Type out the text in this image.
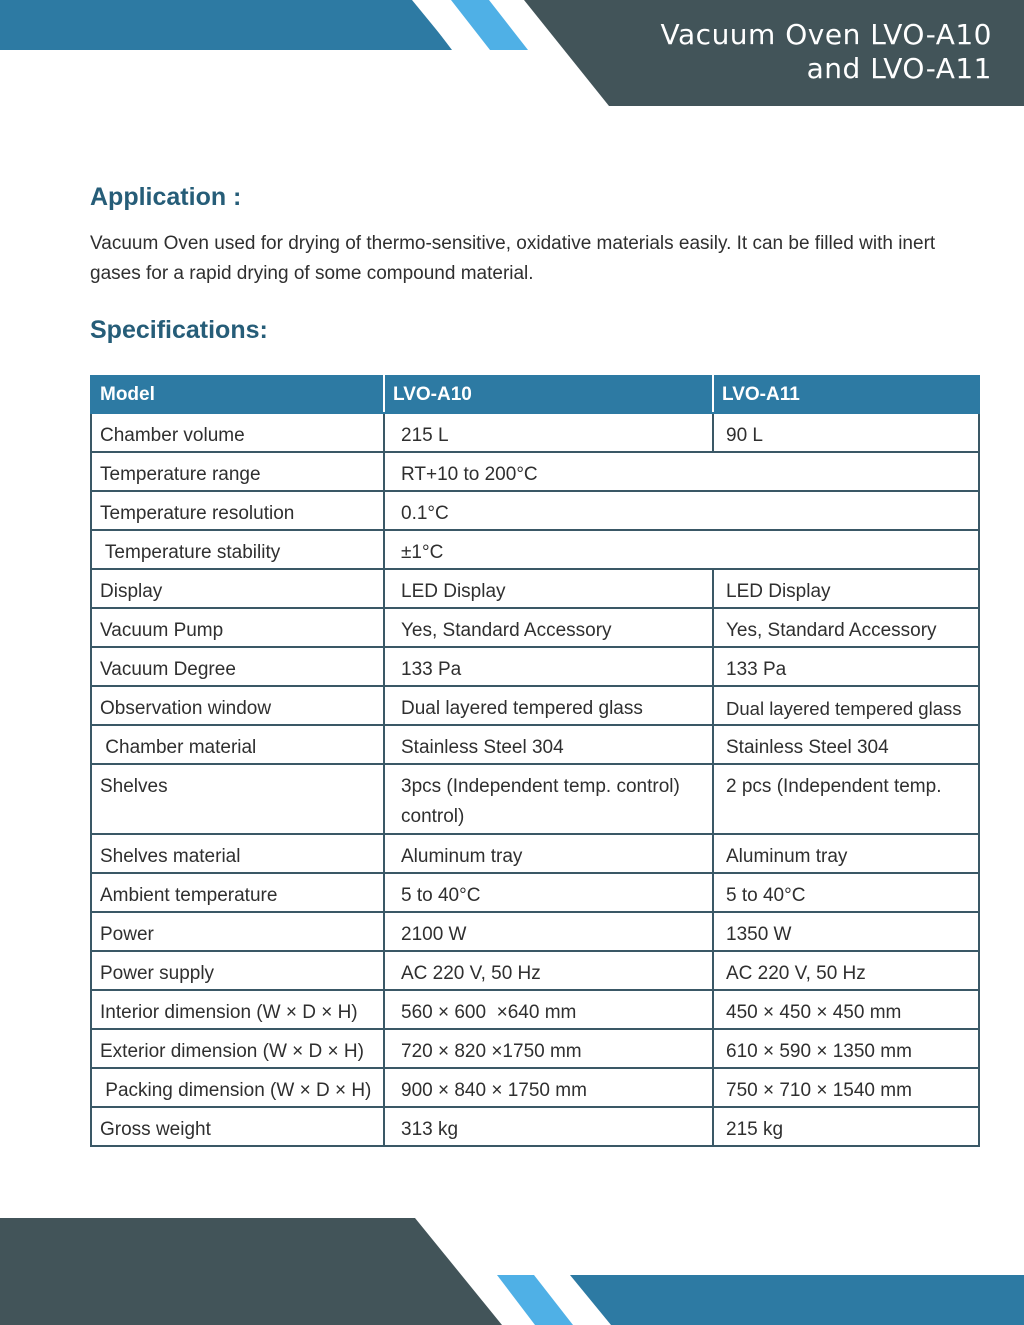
Vacuum Oven LVO-A10
and LVO-A11
Application :

Vacuum Oven used for drying of thermo-sensitive, oxidative materials easily. It can be filled with inert gases for a rapid drying of some compound material.

Specifications:
Model	LVO-A10	LVO-A11
Chamber volume	215 L	90 L
Temperature range	RT+10 to 200°C	
Temperature resolution	0.1°C	
Temperature stability	±1°C	
Display	LED Display	LED Display
Vacuum Pump	Yes, Standard Accessory	Yes, Standard Accessory
Vacuum Degree	133 Pa	133 Pa
Observation window	Dual layered tempered glass	Dual layered tempered glass
Chamber material	Stainless Steel 304	Stainless Steel 304
Shelves	3pcs (Independent temp. control) control)	2 pcs (Independent temp.
Shelves material	Aluminum tray	Aluminum tray
Ambient temperature	5 to 40°C	5 to 40°C
Power	2100 W	1350 W
Power supply	AC 220 V, 50 Hz	AC 220 V, 50 Hz
Interior dimension (W × D × H)	560 × 600  ×640 mm	450 × 450 × 450 mm
Exterior dimension (W × D × H)	720 × 820 ×1750 mm	610 × 590 × 1350 mm
Packing dimension (W × D × H)	900 × 840 × 1750 mm	750 × 710 × 1540 mm
Gross weight	313 kg	215 kg
